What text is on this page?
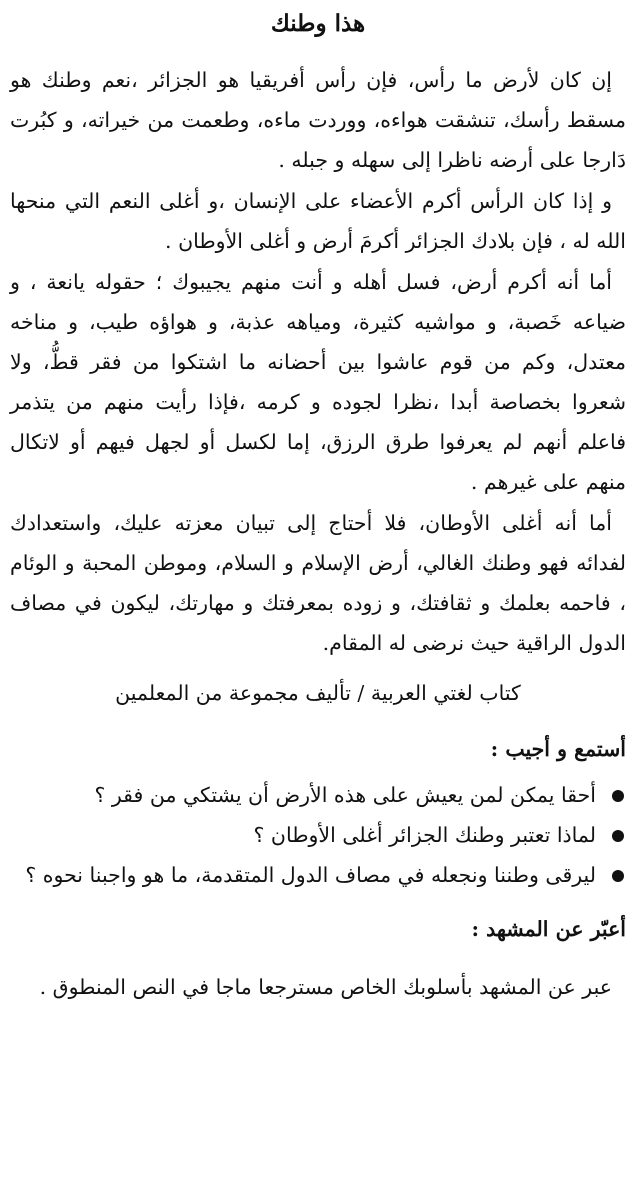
هذا وطنك

إن كان لأرض ما رأس، فإن رأس أفريقيا هو الجزائر ،نعم وطنك هو مسقط رأسك، تنشقت هواءه، ووردت ماءه، وطعمت من خيراته، و كبُرت دَارجا على أرضه ناظرا إلى سهله و جبله .

و إذا كان الرأس أكرم الأعضاء على الإنسان ،و أغلى النعم التي منحها الله له ، فإن بلادك الجزائر أكرمَ أرض و أغلى الأوطان .

أما أنه أكرم أرض، فسل أهله و أنت منهم يجيبوك ؛ حقوله يانعة ، و ضياعه خَصبة، و مواشيه كثيرة، ومياهه عذبة، و هواؤه طيب، و مناخه معتدل، وكم من قوم عاشوا بين أحضانه ما اشتكوا من فقر قطُّ، ولا شعروا بخصاصة أبدا ،نظرا لجوده و كرمه ،فإذا رأيت منهم من يتذمر فاعلم أنهم لم يعرفوا طرق الرزق، إما لكسل أو لجهل فيهم أو لاتكال منهم على غيرهم .

أما أنه أغلى الأوطان، فلا أحتاج إلى تبيان معزته عليك، واستعدادك لفدائه فهو وطنك الغالي، أرض الإسلام و السلام، وموطن المحبة و الوئام ، فاحمه بعلمك و ثقافتك، و زوده بمعرفتك و مهارتك، ليكون في مصاف الدول الراقية حيث نرضى له المقام.

كتاب لغتي العربية / تأليف مجموعة من المعلمين
أستمع و أجيب :
أحقا يمكن لمن يعيش على هذه الأرض أن يشتكي من فقر ؟
لماذا تعتبر وطنك الجزائر أغلى الأوطان ؟
ليرقى وطننا ونجعله في مصاف الدول المتقدمة، ما هو واجبنا نحوه ؟
أعبّر عن المشهد :

عبر عن المشهد بأسلوبك الخاص مسترجعا ماجا في النص المنطوق .
